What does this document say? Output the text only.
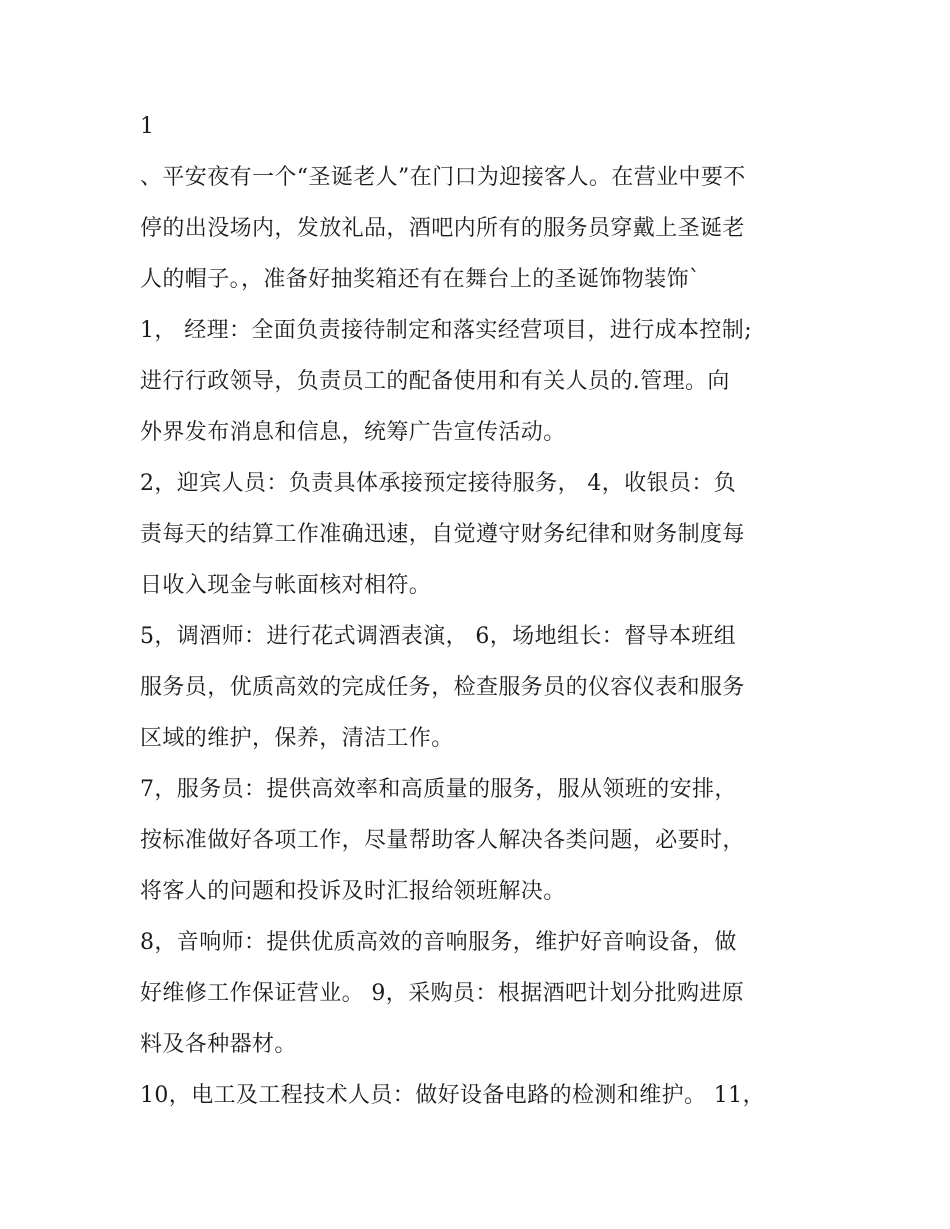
1
、平安夜有一个“圣诞老人”在门口为迎接客人。在营业中要不
停的出没场内，发放礼品，酒吧内所有的服务员穿戴上圣诞老
人的帽子。，准备好抽奖箱还有在舞台上的圣诞饰物装饰`
1， 经理：全面负责接待制定和落实经营项目，进行成本控制;
进行行政领导，负责员工的配备使用和有关人员的.管理。向
外界发布消息和信息，统筹广告宣传活动。
2，迎宾人员：负责具体承接预定接待服务， 4，收银员：负
责每天的结算工作准确迅速，自觉遵守财务纪律和财务制度每
日收入现金与帐面核对相符。
5，调酒师：进行花式调酒表演， 6，场地组长：督导本班组
服务员，优质高效的完成任务，检查服务员的仪容仪表和服务
区域的维护，保养，清洁工作。
7，服务员：提供高效率和高质量的服务，服从领班的安排，
按标准做好各项工作，尽量帮助客人解决各类问题，必要时，
将客人的问题和投诉及时汇报给领班解决。
8，音响师：提供优质高效的音响服务，维护好音响设备，做
好维修工作保证营业。 9，采购员：根据酒吧计划分批购进原
料及各种器材。
10，电工及工程技术人员：做好设备电路的检测和维护。 11，
